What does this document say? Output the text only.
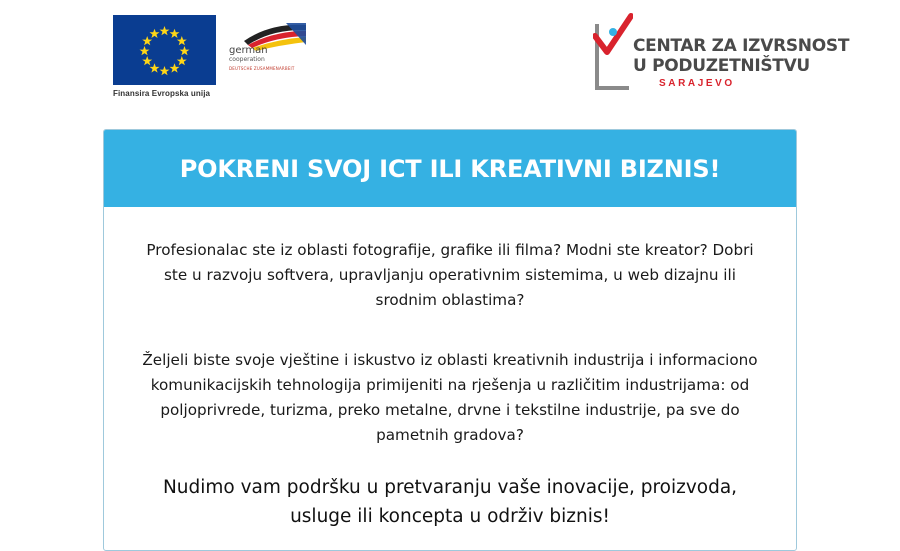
Finansira Evropska unija
german
cooperation
DEUTSCHE ZUSAMMENARBEIT
CENTAR ZA IZVRSNOST
U PODUZETNIŠTVU
SARAJEVO
POKRENI SVOJ ICT ILI KREATIVNI BIZNIS!
Profesionalac ste iz oblasti fotografije, grafike ili filma? Modni ste kreator? Dobri ste u razvoju softvera, upravljanju operativnim sistemima, u web dizajnu ili srodnim oblastima?
Željeli biste svoje vještine i iskustvo iz oblasti kreativnih industrija i informaciono komunikacijskih tehnologija primijeniti na rješenja u različitim industrijama: od poljoprivrede, turizma, preko metalne, drvne i tekstilne industrije, pa sve do pametnih gradova?
Nudimo vam podršku u pretvaranju vaše inovacije, proizvoda, usluge ili koncepta u održiv biznis!
